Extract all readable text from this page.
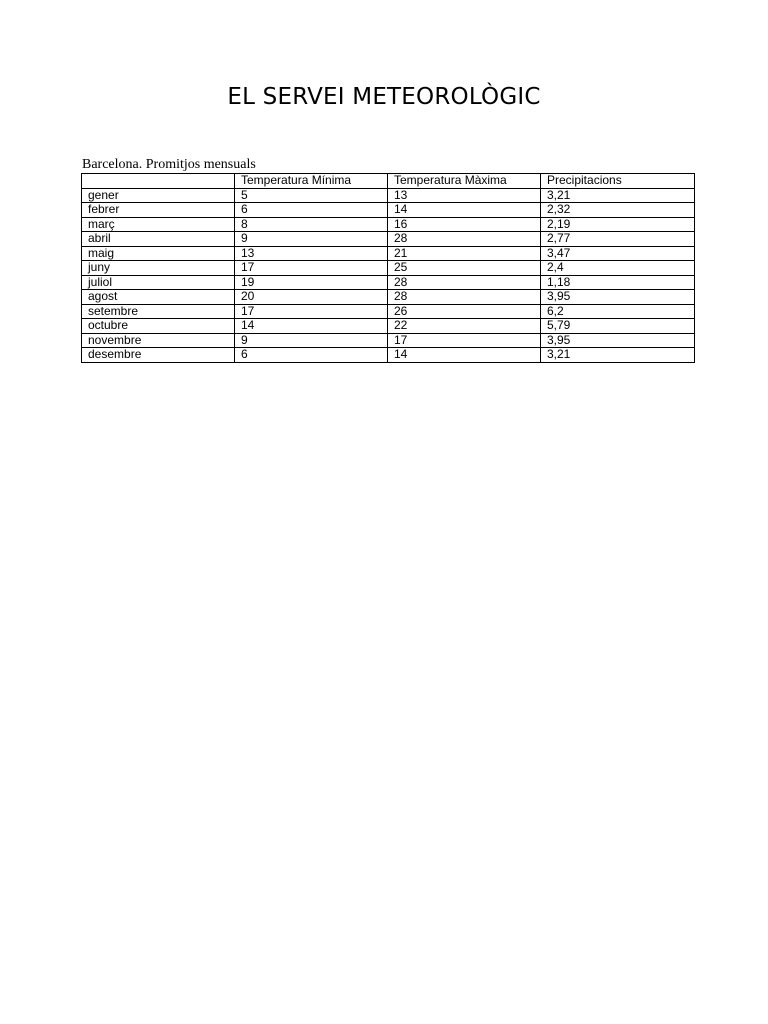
EL SERVEI METEOROLÒGIC
Barcelona. Promitjos mensuals
	Temperatura Mínima	Temperatura Màxima	Precipitacions
gener	5	13	3,21
febrer	6	14	2,32
març	8	16	2,19
abril	9	28	2,77
maig	13	21	3,47
juny	17	25	2,4
juliol	19	28	1,18
agost	20	28	3,95
setembre	17	26	6,2
octubre	14	22	5,79
novembre	9	17	3,95
desembre	6	14	3,21
